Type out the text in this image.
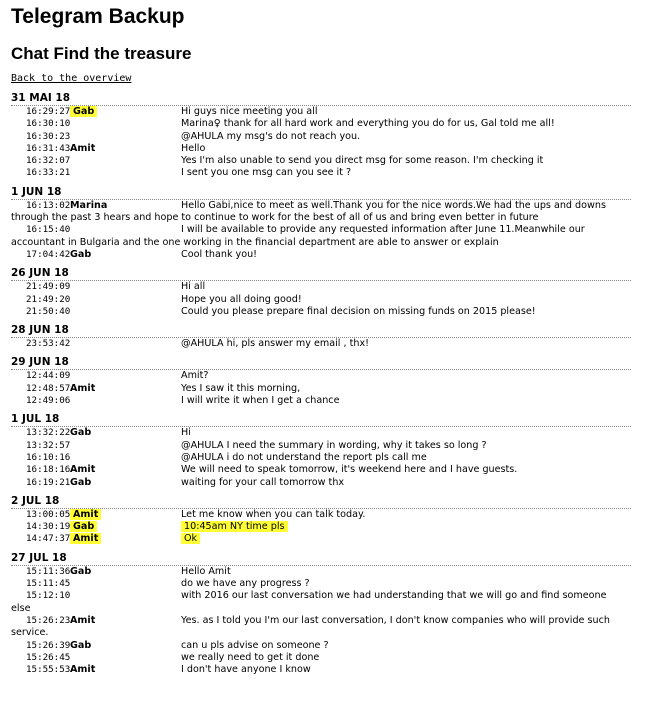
Telegram Backup
Chat Find the treasure
Back to the overview
31 MAI 18
16:29:27 Gab	Hi guys nice meeting you all
16:30:10	Marina♀ thank for all hard work and everything you do for us, Gal told me all!
16:30:23	@AHULA my msg's do not reach you.
16:31:43 Amit	Hello
16:32:07	Yes I'm also unable to send you direct msg for some reason. I'm checking it
16:33:21	I sent you one msg can you see it ?
1 JUN 18
16:13:02 Marina	Hello Gabi,nice to meet as well.Thank you for the nice words.We had the ups and downs through the past 3 hears and hope to continue to work for the best of all of us and bring even better in future
16:15:40	I will be available to provide any requested information after June 11.Meanwhile our accountant in Bulgaria and the one working in the financial department are able to answer or explain
17:04:42 Gab	Cool thank you!
26 JUN 18
21:49:09	Hi all
21:49:20	Hope you all doing good!
21:50:40	Could you please prepare final decision on missing funds on 2015 please!
28 JUN 18
23:53:42	@AHULA hi, pls answer my email , thx!
29 JUN 18
12:44:09	Amit?
12:48:57 Amit	Yes I saw it this morning,
12:49:06	I will write it when I get a chance
1 JUL 18
13:32:22 Gab	Hi
13:32:57	@AHULA I need the summary in wording, why it takes so long ?
16:10:16	@AHULA i do not understand the report pls call me
16:18:16 Amit	We will need to speak tomorrow, it's weekend here and I have guests.
16:19:21 Gab	waiting for your call tomorrow thx
2 JUL 18
13:00:05 Amit	Let me know when you can talk today.
14:30:19 Gab	10:45am NY time pls
14:47:37 Amit	Ok
27 JUL 18
15:11:36 Gab	Hello Amit
15:11:45	do we have any progress ?
15:12:10	with 2016 our last conversation we had understanding that we will go and find someone else
15:26:23 Amit	Yes. as I told you I'm our last conversation, I don't know companies who will provide such service.
15:26:39 Gab	can u pls advise on someone ?
15:26:45	we really need to get it done
15:55:53 Amit	I don't have anyone I know
